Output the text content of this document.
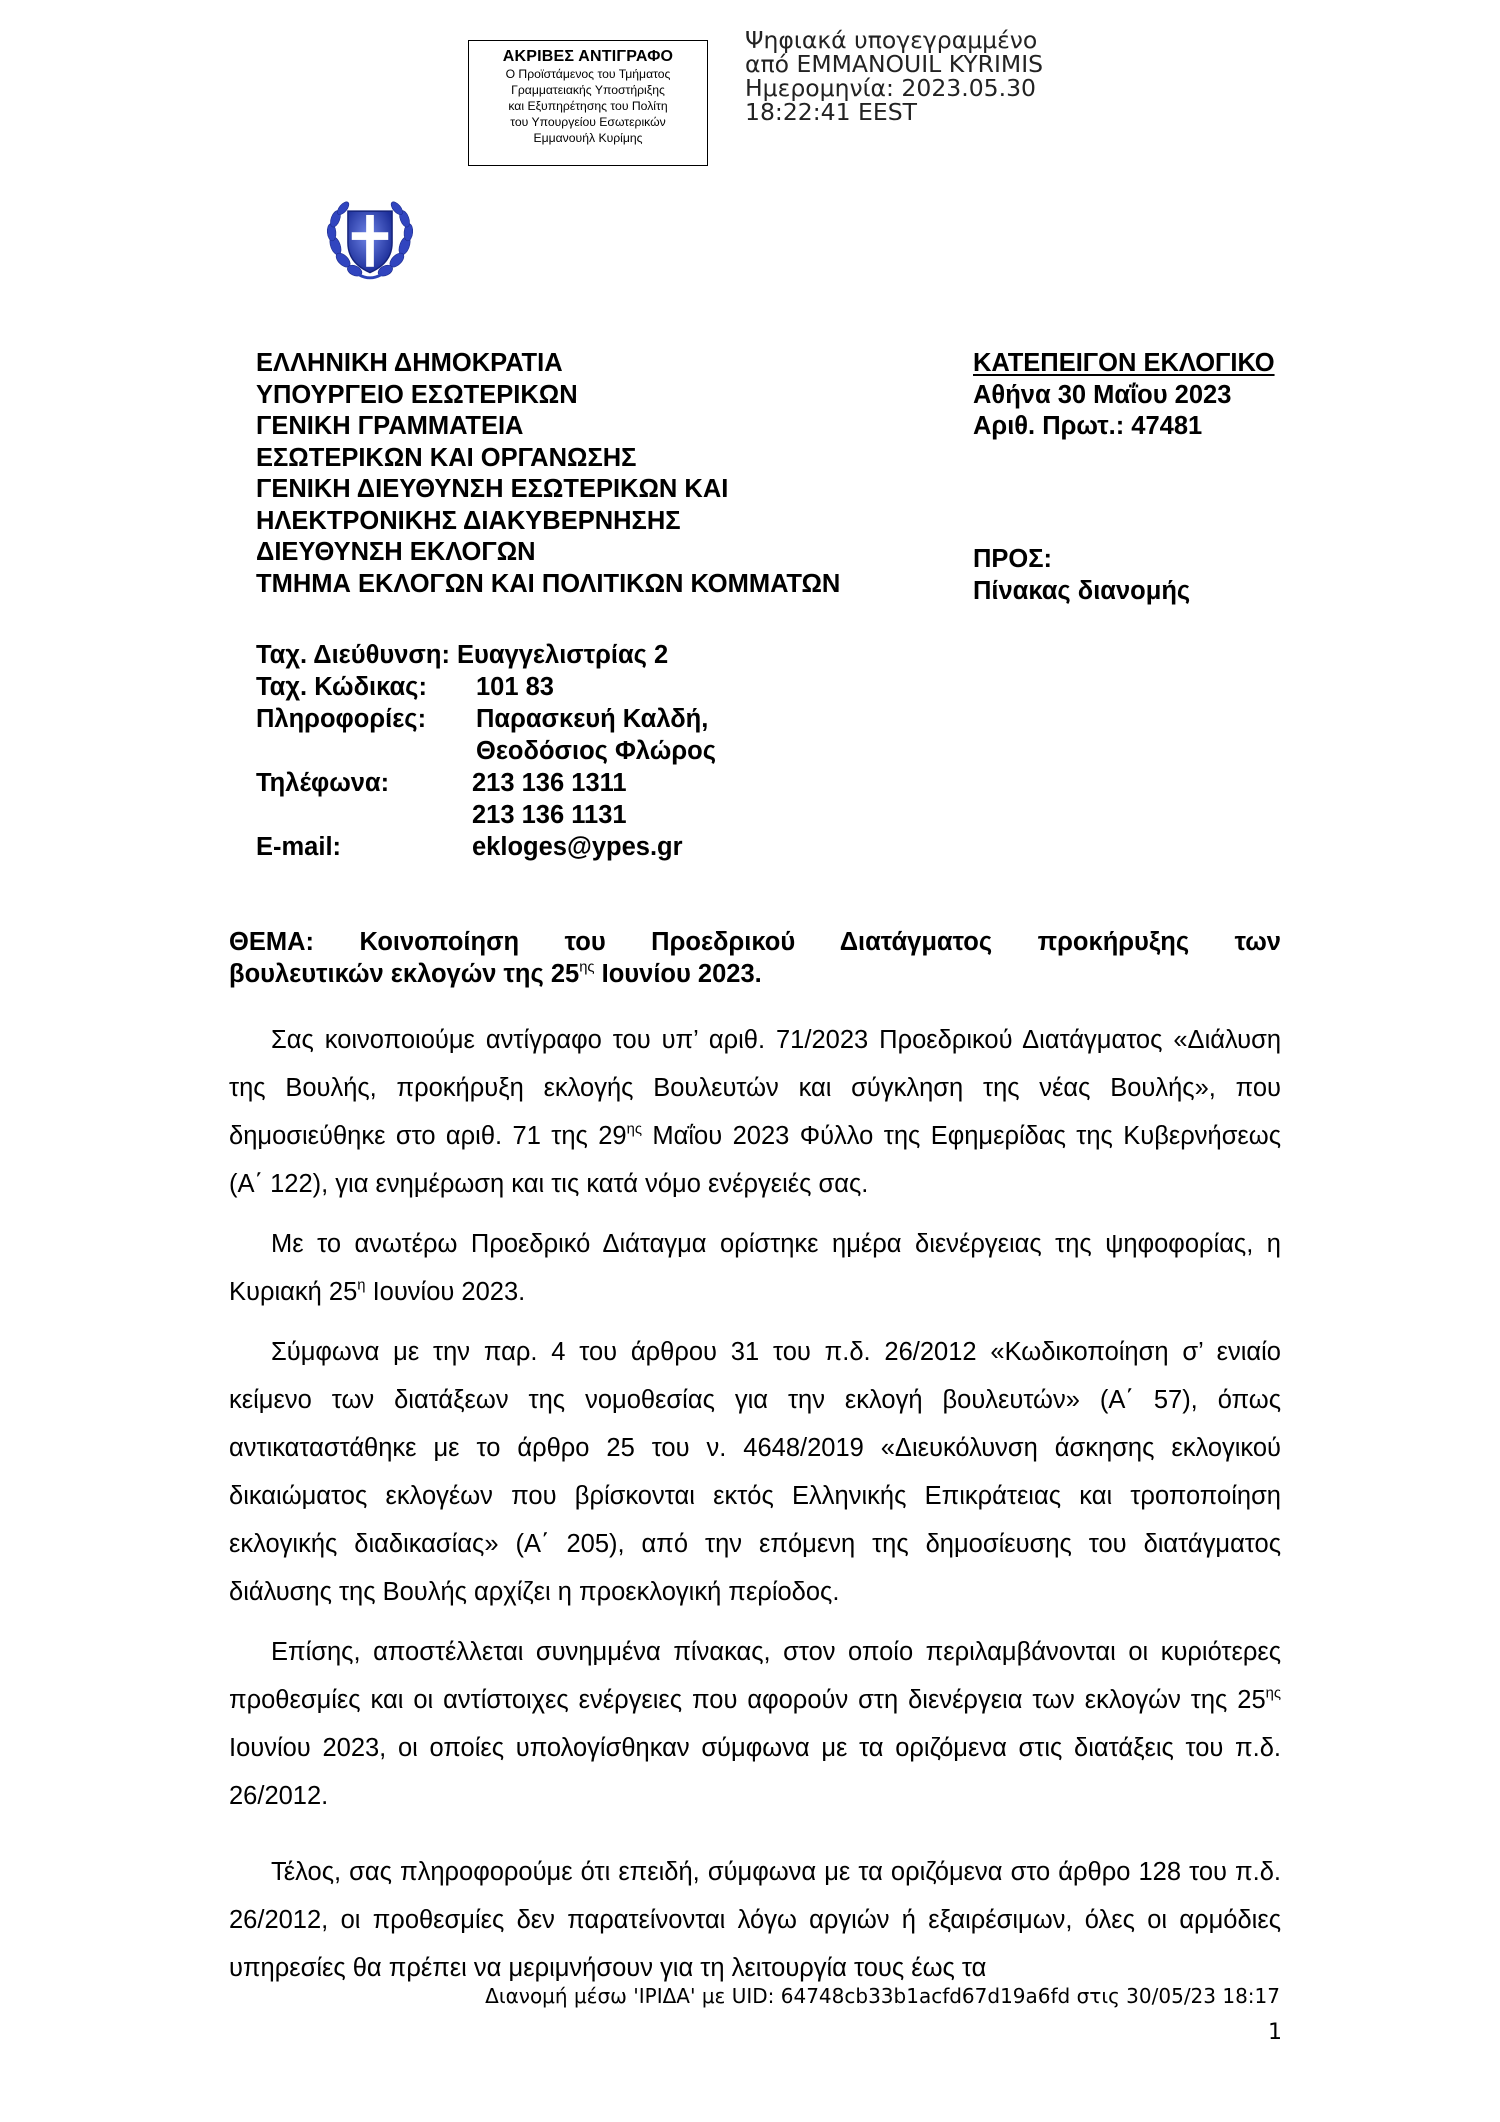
ΑΚΡΙΒΕΣ ΑΝΤΙΓΡΑΦΟ
Ο Προϊστάμενος του Τμήματος
Γραμματειακής Υποστήριξης
και Εξυπηρέτησης του Πολίτη
του Υπουργείου Εσωτερικών
Εμμανουήλ Κυρίμης
Ψηφιακά υπογεγραμμένο
από EMMANOUIL KYRIMIS
Ημερομηνία: 2023.05.30
18:22:41 EEST
ΕΛΛΗΝΙΚΗ ΔΗΜΟΚΡΑΤΙΑ
ΥΠΟΥΡΓΕΙΟ ΕΣΩΤΕΡΙΚΩΝ
ΓΕΝΙΚΗ ΓΡΑΜΜΑΤΕΙΑ
ΕΣΩΤΕΡΙΚΩΝ ΚΑΙ ΟΡΓΑΝΩΣΗΣ
ΓΕΝΙΚΗ ΔΙΕΥΘΥΝΣΗ ΕΣΩΤΕΡΙΚΩΝ ΚΑΙ
ΗΛΕΚΤΡΟΝΙΚΗΣ ΔΙΑΚΥΒΕΡΝΗΣΗΣ
ΔΙΕΥΘΥΝΣΗ ΕΚΛΟΓΩΝ
ΤΜΗΜΑ ΕΚΛΟΓΩΝ ΚΑΙ ΠΟΛΙΤΙΚΩΝ ΚΟΜΜΑΤΩΝ
ΚΑΤΕΠΕΙΓΟΝ ΕΚΛΟΓΙΚΟ
Αθήνα 30 Μαΐου 2023
Αριθ. Πρωτ.: 47481
ΠΡΟΣ:
Πίνακας διανομής
Ταχ. Διεύθυνση: Ευαγγελιστρίας 2
Ταχ. Κώδικας: 101 83
Πληροφορίες: Παρασκευή Καλδή,
Θεοδόσιος Φλώρος
Τηλέφωνα:	213 136 1311
213 136 1131
E-mail:	ekloges@ypes.gr
ΘΕΜΑ: Κοινοποίηση του Προεδρικού Διατάγματος προκήρυξης των
βουλευτικών εκλογών της $25^{\eta\varsigma}$ Ιουνίου 2023.

Σας κοινοποιούμε αντίγραφο του υπ’ αριθ. 71/2023 Προεδρικού Διατάγματος «Διάλυση της Βουλής, προκήρυξη εκλογής Βουλευτών και σύγκληση της νέας Βουλής», που δημοσιεύθηκε στο αριθ. 71 της $29^{\eta\varsigma}$ Μαΐου 2023 Φύλλο της Εφημερίδας της Κυβερνήσεως (Α΄ 122), για ενημέρωση και τις κατά νόμο ενέργειές σας.

Με το ανωτέρω Προεδρικό Διάταγμα ορίστηκε ημέρα διενέργειας της ψηφοφορίας, η Κυριακή $25^\eta$ Ιουνίου 2023.

Σύμφωνα με την παρ. 4 του άρθρου 31 του π.δ. 26/2012 «Κωδικοποίηση σ’ ενιαίο κείμενο των διατάξεων της νομοθεσίας για την εκλογή βουλευτών» (Α΄ 57), όπως αντικαταστάθηκε με το άρθρο 25 του ν. 4648/2019 «Διευκόλυνση άσκησης εκλογικού δικαιώματος εκλογέων που βρίσκονται εκτός Ελληνικής Επικράτειας και τροποποίηση εκλογικής διαδικασίας» (Α΄ 205), από την επόμενη της δημοσίευσης του διατάγματος διάλυσης της Βουλής αρχίζει η προεκλογική περίοδος.

Επίσης, αποστέλλεται συνημμένα πίνακας, στον οποίο περιλαμβάνονται οι κυριότερες προθεσμίες και οι αντίστοιχες ενέργειες που αφορούν στη διενέργεια των εκλογών της $25^{\eta\varsigma}$ Ιουνίου 2023, οι οποίες υπολογίσθηκαν σύμφωνα με τα οριζόμενα στις διατάξεις του π.δ. 26/2012.

Τέλος, σας πληροφορούμε ότι επειδή, σύμφωνα με τα οριζόμενα στο άρθρο 128 του π.δ. 26/2012, οι προθεσμίες δεν παρατείνονται λόγω αργιών ή εξαιρέσιμων, όλες οι αρμόδιες υπηρεσίες θα πρέπει να μεριμνήσουν για τη λειτουργία τους έως τα

Διανομή μέσω 'ΙΡΙΔΑ' με UID: 64748cb33b1acfd67d19a6fd στις 30/05/23 18:17
1
